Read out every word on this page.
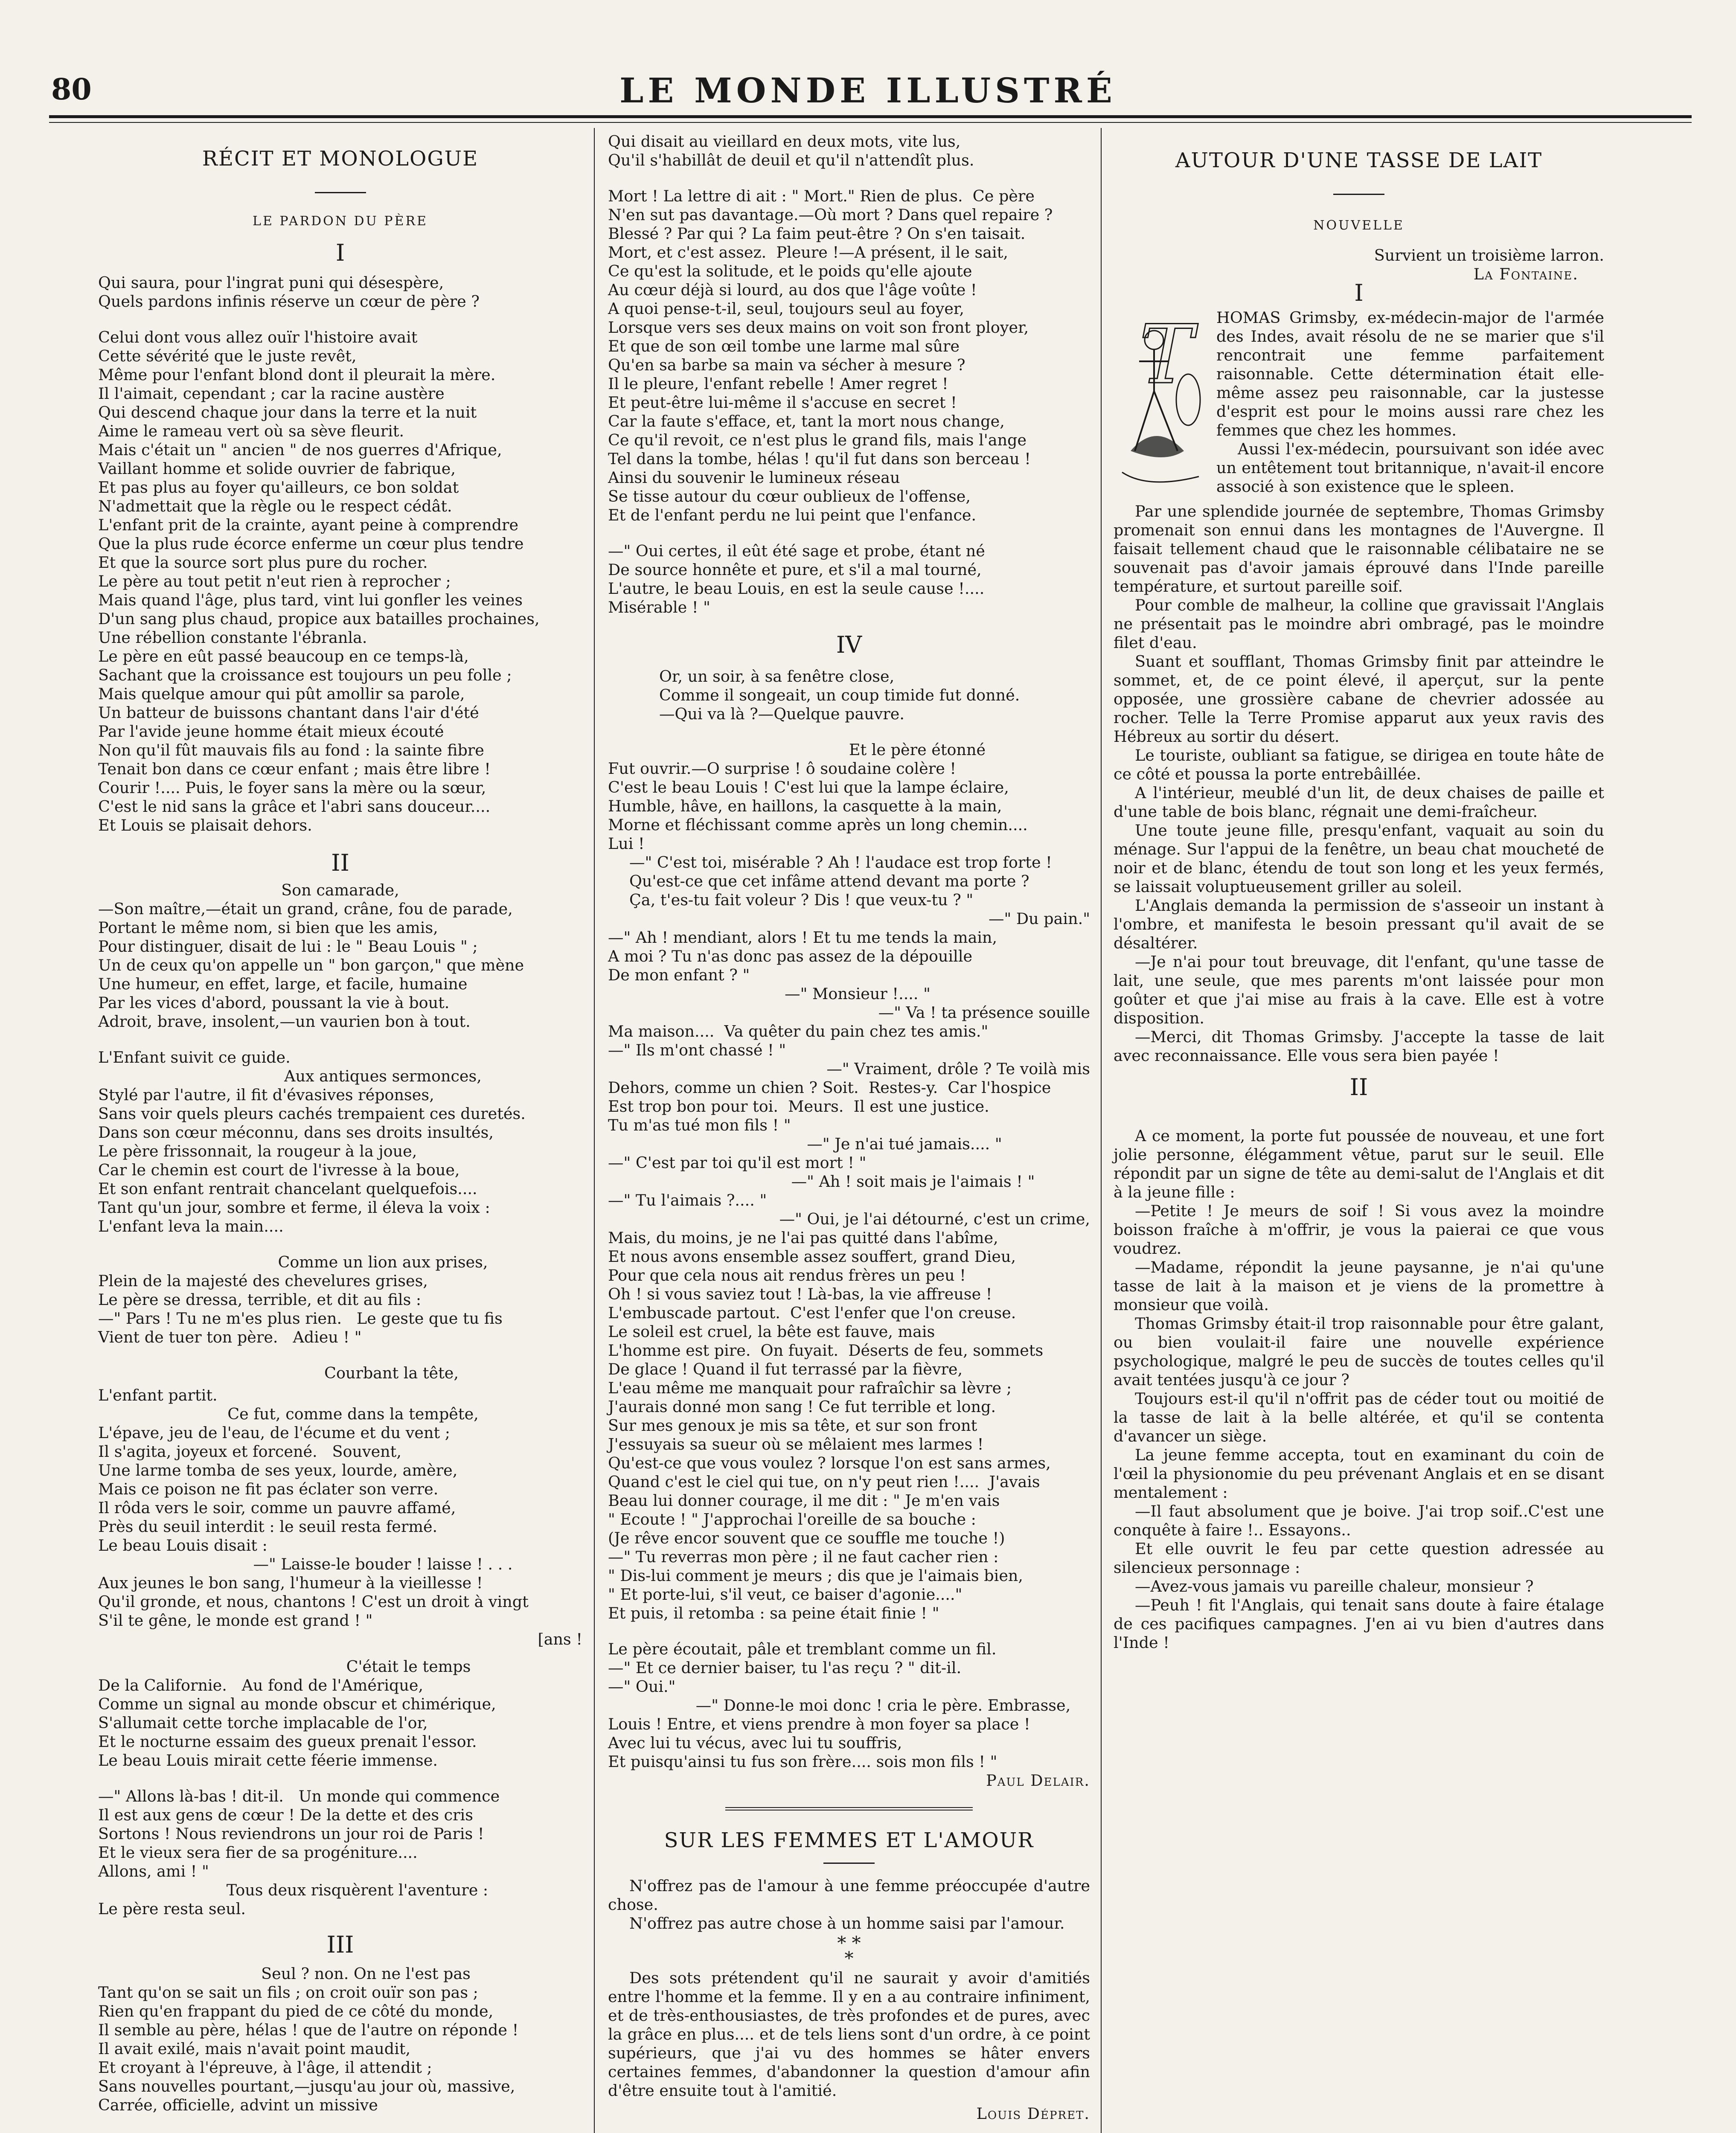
80	LE MONDE ILLUSTRÉ
RÉCIT ET MONOLOGUE
LE PARDON DU PÈRE
I
Qui saura, pour l'ingrat puni qui désespère,
Quels pardons infinis réserve un cœur de père ?
Celui dont vous allez ouïr l'histoire avait
Cette sévérité que le juste revêt,
Même pour l'enfant blond dont il pleurait la mère.
Il l'aimait, cependant ; car la racine austère
Qui descend chaque jour dans la terre et la nuit
Aime le rameau vert où sa sève fleurit.
Mais c'était un " ancien " de nos guerres d'Afrique,
Vaillant homme et solide ouvrier de fabrique,
Et pas plus au foyer qu'ailleurs, ce bon soldat
N'admettait que la règle ou le respect cédât.
L'enfant prit de la crainte, ayant peine à comprendre
Que la plus rude écorce enferme un cœur plus tendre
Et que la source sort plus pure du rocher.
Le père au tout petit n'eut rien à reprocher ;
Mais quand l'âge, plus tard, vint lui gonfler les veines
D'un sang plus chaud, propice aux batailles prochaines,
Une rébellion constante l'ébranla.
Le père en eût passé beaucoup en ce temps-là,
Sachant que la croissance est toujours un peu folle ;
Mais quelque amour qui pût amollir sa parole,
Un batteur de buissons chantant dans l'air d'été
Par l'avide jeune homme était mieux écouté
Non qu'il fût mauvais fils au fond : la sainte fibre
Tenait bon dans ce cœur enfant ; mais être libre !
Courir !.... Puis, le foyer sans la mère ou la sœur,
C'est le nid sans la grâce et l'abri sans douceur....
Et Louis se plaisait dehors.
II
Son camarade,
—Son maître,—était un grand, crâne, fou de parade,
Portant le même nom, si bien que les amis,
Pour distinguer, disait de lui : le " Beau Louis " ;
Un de ceux qu'on appelle un " bon garçon," que mène
Une humeur, en effet, large, et facile, humaine
Par les vices d'abord, poussant la vie à bout.
Adroit, brave, insolent,—un vaurien bon à tout.
L'Enfant suivit ce guide.
Aux antiques sermonces,
Stylé par l'autre, il fit d'évasives réponses,
Sans voir quels pleurs cachés trempaient ces duretés.
Dans son cœur méconnu, dans ses droits insultés,
Le père frissonnait, la rougeur à la joue,
Car le chemin est court de l'ivresse à la boue,
Et son enfant rentrait chancelant quelquefois....
Tant qu'un jour, sombre et ferme, il éleva la voix :
L'enfant leva la main....
Comme un lion aux prises,
Plein de la majesté des chevelures grises,
Le père se dressa, terrible, et dit au fils :
—" Pars ! Tu ne m'es plus rien.   Le geste que tu fis
Vient de tuer ton père.   Adieu ! "
Courbant la tête,
L'enfant partit.
Ce fut, comme dans la tempête,
L'épave, jeu de l'eau, de l'écume et du vent ;
Il s'agita, joyeux et forcené.   Souvent,
Une larme tomba de ses yeux, lourde, amère,
Mais ce poison ne fit pas éclater son verre.
Il rôda vers le soir, comme un pauvre affamé,
Près du seuil interdit : le seuil resta fermé.
Le beau Louis disait :
—" Laisse-le bouder ! laisse ! . . .
Aux jeunes le bon sang, l'humeur à la vieillesse !
Qu'il gronde, et nous, chantons ! C'est un droit à vingt
S'il te gêne, le monde est grand ! "
[ans !
C'était le temps
De la Californie.   Au fond de l'Amérique,
Comme un signal au monde obscur et chimérique,
S'allumait cette torche implacable de l'or,
Et le nocturne essaim des gueux prenait l'essor.
Le beau Louis mirait cette féerie immense.
—" Allons là-bas ! dit-il.   Un monde qui commence
Il est aux gens de cœur ! De la dette et des cris
Sortons ! Nous reviendrons un jour roi de Paris !
Et le vieux sera fier de sa progéniture....
Allons, ami ! "
Tous deux risquèrent l'aventure :
Le père resta seul.
III
Seul ? non. On ne l'est pas
Tant qu'on se sait un fils ; on croit ouïr son pas ;
Rien qu'en frappant du pied de ce côté du monde,
Il semble au père, hélas ! que de l'autre on réponde !
Il avait exilé, mais n'avait point maudit,
Et croyant à l'épreuve, à l'âge, il attendit ;
Sans nouvelles pourtant,—jusqu'au jour où, massive,
Carrée, officielle, advint un missive
Qui disait au vieillard en deux mots, vite lus,
Qu'il s'habillât de deuil et qu'il n'attendît plus.
Mort ! La lettre di ait : " Mort." Rien de plus.  Ce père
N'en sut pas davantage.—Où mort ? Dans quel repaire ?
Blessé ? Par qui ? La faim peut-être ? On s'en taisait.
Mort, et c'est assez.  Pleure !—A présent, il le sait,
Ce qu'est la solitude, et le poids qu'elle ajoute
Au cœur déjà si lourd, au dos que l'âge voûte !
A quoi pense-t-il, seul, toujours seul au foyer,
Lorsque vers ses deux mains on voit son front ployer,
Et que de son œil tombe une larme mal sûre
Qu'en sa barbe sa main va sécher à mesure ?
Il le pleure, l'enfant rebelle ! Amer regret !
Et peut-être lui-même il s'accuse en secret !
Car la faute s'efface, et, tant la mort nous change,
Ce qu'il revoit, ce n'est plus le grand fils, mais l'ange
Tel dans la tombe, hélas ! qu'il fut dans son berceau !
Ainsi du souvenir le lumineux réseau
Se tisse autour du cœur oublieux de l'offense,
Et de l'enfant perdu ne lui peint que l'enfance.
—" Oui certes, il eût été sage et probe, étant né
De source honnête et pure, et s'il a mal tourné,
L'autre, le beau Louis, en est la seule cause !....
Misérable ! "
IV
Or, un soir, à sa fenêtre close,
Comme il songeait, un coup timide fut donné.
—Qui va là ?—Quelque pauvre.
Et le père étonné
Fut ouvrir.—O surprise ! ô soudaine colère !
C'est le beau Louis ! C'est lui que la lampe éclaire,
Humble, hâve, en haillons, la casquette à la main,
Morne et fléchissant comme après un long chemin....
Lui !
—" C'est toi, misérable ? Ah ! l'audace est trop forte !
Qu'est-ce que cet infâme attend devant ma porte ?
Ça, t'es-tu fait voleur ? Dis ! que veux-tu ? "
—" Du pain."
—" Ah ! mendiant, alors ! Et tu me tends la main,
A moi ? Tu n'as donc pas assez de la dépouille
De mon enfant ? "
—" Monsieur !.... "
—" Va ! ta présence souille
Ma maison....  Va quêter du pain chez tes amis."
—" Ils m'ont chassé ! "
—" Vraiment, drôle ? Te voilà mis
Dehors, comme un chien ? Soit.  Restes-y.  Car l'hospice
Est trop bon pour toi.  Meurs.  Il est une justice.
Tu m'as tué mon fils ! "
—" Je n'ai tué jamais.... "
—" C'est par toi qu'il est mort ! "
—" Ah ! soit mais je l'aimais ! "
—" Tu l'aimais ?.... "
—" Oui, je l'ai détourné, c'est un crime,
Mais, du moins, je ne l'ai pas quitté dans l'abîme,
Et nous avons ensemble assez souffert, grand Dieu,
Pour que cela nous ait rendus frères un peu !
Oh ! si vous saviez tout ! Là-bas, la vie affreuse !
L'embuscade partout.  C'est l'enfer que l'on creuse.
Le soleil est cruel, la bête est fauve, mais
L'homme est pire.  On fuyait.  Déserts de feu, sommets
De glace ! Quand il fut terrassé par la fièvre,
L'eau même me manquait pour rafraîchir sa lèvre ;
J'aurais donné mon sang ! Ce fut terrible et long.
Sur mes genoux je mis sa tête, et sur son front
J'essuyais sa sueur où se mêlaient mes larmes !
Qu'est-ce que vous voulez ? lorsque l'on est sans armes,
Quand c'est le ciel qui tue, on n'y peut rien !....  J'avais
Beau lui donner courage, il me dit : " Je m'en vais
" Ecoute ! " J'approchai l'oreille de sa bouche :
(Je rêve encor souvent que ce souffle me touche !)
—" Tu reverras mon père ; il ne faut cacher rien :
" Dis-lui comment je meurs ; dis que je l'aimais bien,
" Et porte-lui, s'il veut, ce baiser d'agonie...."
Et puis, il retomba : sa peine était finie ! "
Le père écoutait, pâle et tremblant comme un fil.
—" Et ce dernier baiser, tu l'as reçu ? " dit-il.
—" Oui."
—" Donne-le moi donc ! cria le père. Embrasse,
Louis ! Entre, et viens prendre à mon foyer sa place !
Avec lui tu vécus, avec lui tu souffris,
Et puisqu'ainsi tu fus son frère.... sois mon fils ! "
Paul Delair.
SUR LES FEMMES ET L'AMOUR
N'offrez pas de l'amour à une femme préoccupée d'autre chose.
N'offrez pas autre chose à un homme saisi par l'amour.
* *
*
Des sots prétendent qu'il ne saurait y avoir d'amitiés entre l'homme et la femme. Il y en a au contraire infiniment, et de très-enthousiastes, de très profondes et de pures, avec la grâce en plus.... et de tels liens sont d'un ordre, à ce point supérieurs, que j'ai vu des hommes se hâter envers certaines femmes, d'abandonner la question d'amour afin d'être ensuite tout à l'amitié.
Louis Dépret.
AUTOUR D'UNE TASSE DE LAIT
NOUVELLE
Survient un troisième larron.
La Fontaine.
I
T	HOMAS Grimsby, ex-médecin-major de l'armée des Indes, avait résolu de ne se marier que s'il rencontrait une femme parfaitement raisonnable. Cette détermination était elle-même assez peu raisonnable, car la justesse d'esprit est pour le moins aussi rare chez les femmes que chez les hommes.
Aussi l'ex-médecin, poursuivant son idée avec un entêtement tout britannique, n'avait-il encore associé à son existence que le spleen.
Par une splendide journée de septembre, Thomas Grimsby promenait son ennui dans les montagnes de l'Auvergne. Il faisait tellement chaud que le raisonnable célibataire ne se souvenait pas d'avoir jamais éprouvé dans l'Inde pareille température, et surtout pareille soif.
Pour comble de malheur, la colline que gravissait l'Anglais ne présentait pas le moindre abri ombragé, pas le moindre filet d'eau.
Suant et soufflant, Thomas Grimsby finit par atteindre le sommet, et, de ce point élevé, il aperçut, sur la pente opposée, une grossière cabane de chevrier adossée au rocher. Telle la Terre Promise apparut aux yeux ravis des Hébreux au sortir du désert.
Le touriste, oubliant sa fatigue, se dirigea en toute hâte de ce côté et poussa la porte entrebâillée.
A l'intérieur, meublé d'un lit, de deux chaises de paille et d'une table de bois blanc, régnait une demi-fraîcheur.
Une toute jeune fille, presqu'enfant, vaquait au soin du ménage. Sur l'appui de la fenêtre, un beau chat moucheté de noir et de blanc, étendu de tout son long et les yeux fermés, se laissait voluptueusement griller au soleil.
L'Anglais demanda la permission de s'asseoir un instant à l'ombre, et manifesta le besoin pressant qu'il avait de se désaltérer.
—Je n'ai pour tout breuvage, dit l'enfant, qu'une tasse de lait, une seule, que mes parents m'ont laissée pour mon goûter et que j'ai mise au frais à la cave. Elle est à votre disposition.
—Merci, dit Thomas Grimsby. J'accepte la tasse de lait avec reconnaissance. Elle vous sera bien payée !
II
A ce moment, la porte fut poussée de nouveau, et une fort jolie personne, élégamment vêtue, parut sur le seuil. Elle répondit par un signe de tête au demi-salut de l'Anglais et dit à la jeune fille :
—Petite ! Je meurs de soif ! Si vous avez la moindre boisson fraîche à m'offrir, je vous la paierai ce que vous voudrez.
—Madame, répondit la jeune paysanne, je n'ai qu'une tasse de lait à la maison et je viens de la promettre à monsieur que voilà.
Thomas Grimsby était-il trop raisonnable pour être galant, ou bien voulait-il faire une nouvelle expérience psychologique, malgré le peu de succès de toutes celles qu'il avait tentées jusqu'à ce jour ?
Toujours est-il qu'il n'offrit pas de céder tout ou moitié de la tasse de lait à la belle altérée, et qu'il se contenta d'avancer un siège.
La jeune femme accepta, tout en examinant du coin de l'œil la physionomie du peu prévenant Anglais et en se disant mentalement :
—Il faut absolument que je boive. J'ai trop soif..C'est une conquête à faire !.. Essayons..
Et elle ouvrit le feu par cette question adressée au silencieux personnage :
—Avez-vous jamais vu pareille chaleur, monsieur ?
—Peuh ! fit l'Anglais, qui tenait sans doute à faire étalage de ces pacifiques campagnes. J'en ai vu bien d'autres dans l'Inde !
